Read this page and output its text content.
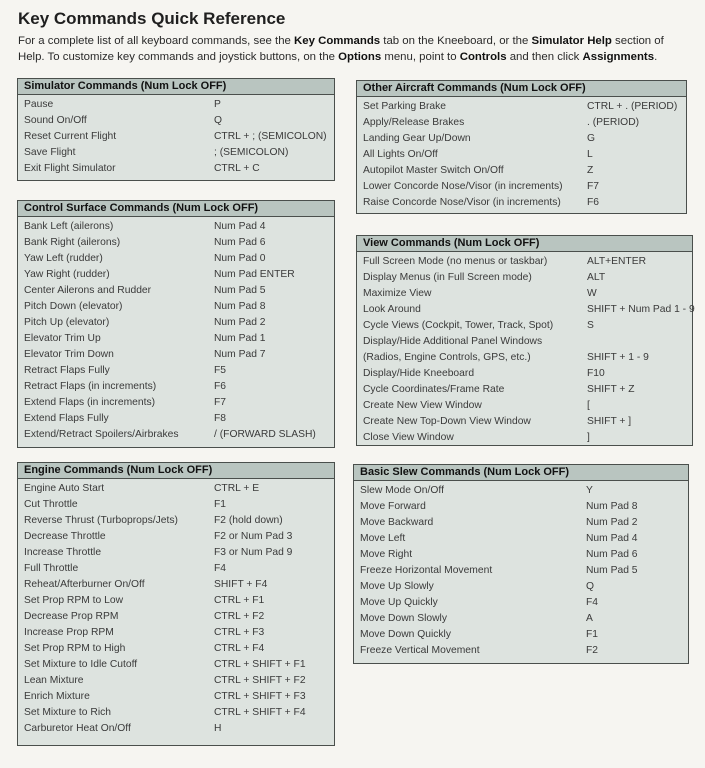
Key Commands Quick Reference
For a complete list of all keyboard commands, see the Key Commands tab on the Kneeboard, or the Simulator Help section of Help. To customize key commands and joystick buttons, on the Options menu, point to Controls and then click Assignments.
Simulator Commands (Num Lock OFF)
Pause	P
Sound On/Off	Q
Reset Current Flight	CTRL + ; (SEMICOLON)
Save Flight	; (SEMICOLON)
Exit Flight Simulator	CTRL + C
Control Surface Commands (Num Lock OFF)
Bank Left (ailerons)	Num Pad 4
Bank Right (ailerons)	Num Pad 6
Yaw Left (rudder)	Num Pad 0
Yaw Right (rudder)	Num Pad ENTER
Center Ailerons and Rudder	Num Pad 5
Pitch Down (elevator)	Num Pad 8
Pitch Up (elevator)	Num Pad 2
Elevator Trim Up	Num Pad 1
Elevator Trim Down	Num Pad 7
Retract Flaps Fully	F5
Retract Flaps (in increments)	F6
Extend Flaps (in increments)	F7
Extend Flaps Fully	F8
Extend/Retract Spoilers/Airbrakes	/ (FORWARD SLASH)
Engine Commands (Num Lock OFF)
Engine Auto Start	CTRL + E
Cut Throttle	F1
Reverse Thrust (Turboprops/Jets)	F2 (hold down)
Decrease Throttle	F2 or Num Pad 3
Increase Throttle	F3 or Num Pad 9
Full Throttle	F4
Reheat/Afterburner On/Off	SHIFT + F4
Set Prop RPM to Low	CTRL + F1
Decrease Prop RPM	CTRL + F2
Increase Prop RPM	CTRL + F3
Set Prop RPM to High	CTRL + F4
Set Mixture to Idle Cutoff	CTRL + SHIFT + F1
Lean Mixture	CTRL + SHIFT + F2
Enrich Mixture	CTRL + SHIFT + F3
Set Mixture to Rich	CTRL + SHIFT + F4
Carburetor Heat On/Off	H
Other Aircraft Commands (Num Lock OFF)
Set Parking Brake	CTRL + . (PERIOD)
Apply/Release Brakes	. (PERIOD)
Landing Gear Up/Down	G
All Lights On/Off	L
Autopilot Master Switch On/Off	Z
Lower Concorde Nose/Visor (in increments)	F7
Raise Concorde Nose/Visor (in increments)	F6
View Commands (Num Lock OFF)
Full Screen Mode (no menus or taskbar)	ALT+ENTER
Display Menus (in Full Screen mode)	ALT
Maximize View	W
Look Around	SHIFT + Num Pad 1 - 9
Cycle Views (Cockpit, Tower, Track, Spot)	S
Display/Hide Additional Panel Windows
(Radios, Engine Controls, GPS, etc.)	SHIFT + 1 - 9
Display/Hide Kneeboard	F10
Cycle Coordinates/Frame Rate	SHIFT + Z
Create New View Window	[
Create New Top-Down View Window	SHIFT + ]
Close View Window	]
Basic Slew Commands (Num Lock OFF)
Slew Mode On/Off	Y
Move Forward	Num Pad 8
Move Backward	Num Pad 2
Move Left	Num Pad 4
Move Right	Num Pad 6
Freeze Horizontal Movement	Num Pad 5
Move Up Slowly	Q
Move Up Quickly	F4
Move Down Slowly	A
Move Down Quickly	F1
Freeze Vertical Movement	F2
